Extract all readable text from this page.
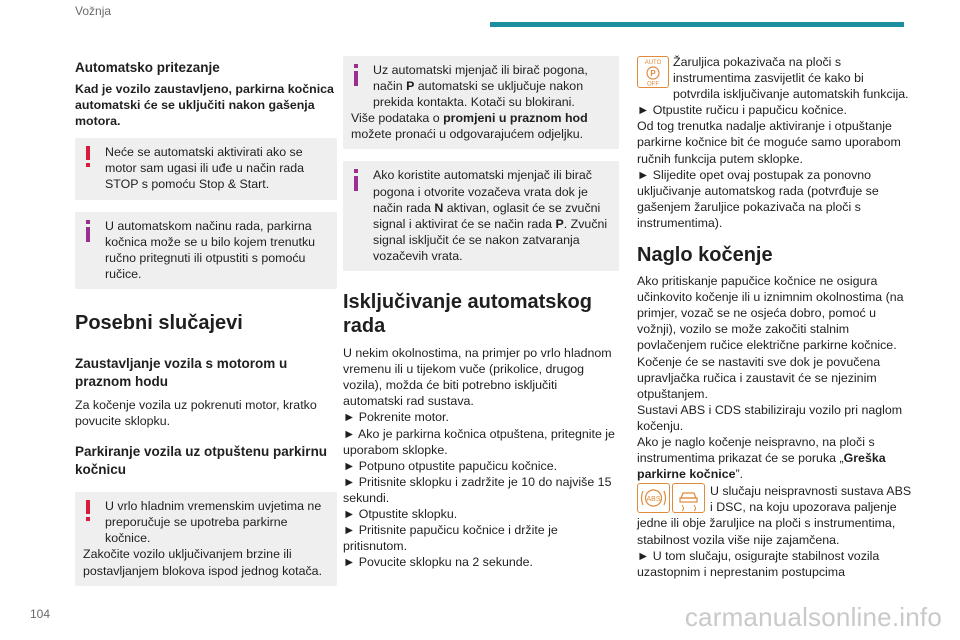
Vožnja
Automatsko pritezanje

Kad je vozilo zaustavljeno, parkirna kočnica automatski će se uključiti nakon gašenja motora.

Neće se automatski aktivirati ako se motor sam ugasi ili uđe u način rada STOP s pomoću Stop & Start.
U automatskom načinu rada, parkirna kočnica može se u bilo kojem trenutku ručno pritegnuti ili otpustiti s pomoću ručice.
Posebni slučajevi
Zaustavljanje vozila s motorom u praznom hodu

Za kočenje vozila uz pokrenuti motor, kratko povucite sklopku.

Parkiranje vozila uz otpuštenu parkirnu kočnicu
U vrlo hladnim vremenskim uvjetima ne preporučuje se upotreba parkirne kočnice.
Zakočite vozilo uključivanjem brzine ili postavljanjem blokova ispod jednog kotača.
Uz automatski mjenjač ili birač pogona, način P automatski se uključuje nakon prekida kontakta. Kotači su blokirani.
Više podataka o promjeni u praznom hod možete pronaći u odgovarajućem odjeljku.
Ako koristite automatski mjenjač ili birač pogona i otvorite vozačeva vrata dok je način rada N aktivan, oglasit će se zvučni signal i aktivirat će se način rada P. Zvučni signal isključit će se nakon zatvaranja vozačevih vrata.
Isključivanje automatskog rada

U nekim okolnostima, na primjer po vrlo hladnom vremenu ili u tijekom vuče (prikolice, drugog vozila), možda će biti potrebno isključiti automatski rad sustava.

► Pokrenite motor.

► Ako je parkirna kočnica otpuštena, pritegnite je uporabom sklopke.

► Potpuno otpustite papučicu kočnice.

► Pritisnite sklopku i zadržite je 10 do najviše 15 sekundi.

► Otpustite sklopku.

► Pritisnite papučicu kočnice i držite je pritisnutom.

► Povucite sklopku na 2 sekunde.

AUTO
P
OFF

Žaruljica pokazivača na ploči s instrumentima zasvijetlit će kako bi potvrdila isključivanje automatskih funkcija.

► Otpustite ručicu i papučicu kočnice.

Od tog trenutka nadalje aktiviranje i otpuštanje parkirne kočnice bit će moguće samo uporabom ručnih funkcija putem sklopke.

► Slijedite opet ovaj postupak za ponovno uključivanje automatskog rada (potvrđuje se gašenjem žaruljice pokazivača na ploči s instrumentima).

Naglo kočenje

Ako pritiskanje papučice kočnice ne osigura učinkovito kočenje ili u iznimnim okolnostima (na primjer, vozač se ne osjeća dobro, pomoć u vožnji), vozilo se može zakočiti stalnim povlačenjem ručice električne parkirne kočnice.

Kočenje će se nastaviti sve dok je povučena upravljačka ručica i zaustavit će se njezinim otpuštanjem.

Sustavi ABS i CDS stabiliziraju vozilo pri naglom kočenju.

Ako je naglo kočenje neispravno, na ploči s instrumentima prikazat će se poruka „Greška parkirne kočnice”.

ABS

U slučaju neispravnosti sustava ABS i DSC, na koju upozorava paljenje jedne ili obje žaruljice na ploči s instrumentima, stabilnost vozila više nije zajamčena.

► U tom slučaju, osigurajte stabilnost vozila uzastopnim i neprestanim postupcima

104	carmanualsonline.info
